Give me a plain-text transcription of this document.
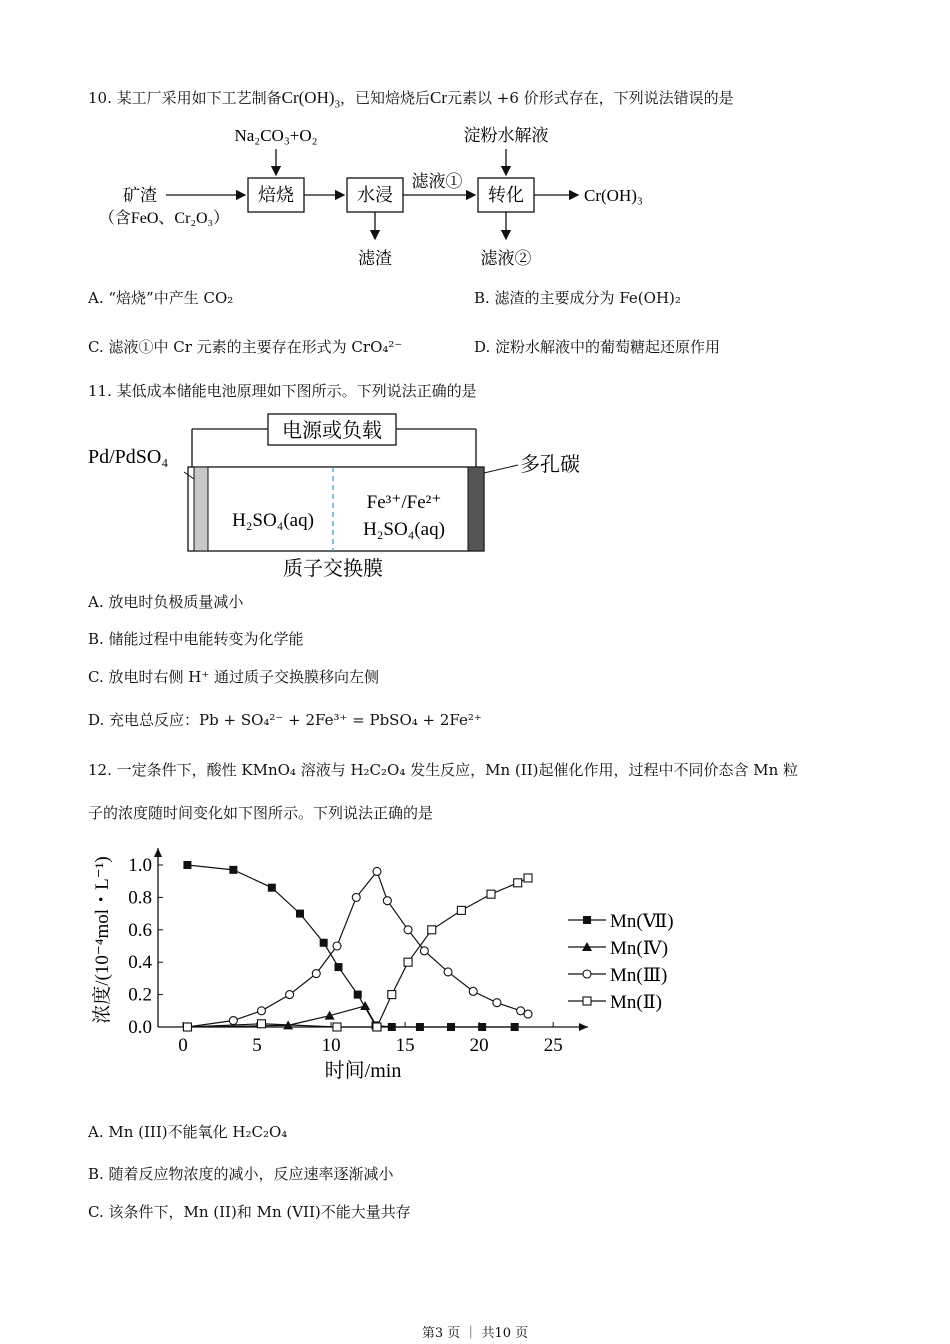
10. 某工厂采用如下工艺制备$Cr(OH)_3$，已知焙烧后Cr元素以 +6 价形式存在，下列说法错误的是
Na₂CO₃+O₂	淀粉水解液
矿渣
（含FeO、Cr₂O₃）
焙烧	水浸
滤液①
转化	Cr(OH)₃
滤渣	滤液②
A. “焙烧”中产生 CO₂	B. 滤渣的主要成分为 Fe(OH)₂
C. 滤液①中 Cr 元素的主要存在形式为 CrO₄²⁻	D. 淀粉水解液中的葡萄糖起还原作用
11. 某低成本储能电池原理如下图所示。下列说法正确的是
电源或负载
Pd/PdSO₄	多孔碳
H₂SO₄(aq)
Fe³⁺/Fe²⁺
H₂SO₄(aq)
质子交换膜
A. 放电时负极质量减小
B. 储能过程中电能转变为化学能
C. 放电时右侧 H⁺ 通过质子交换膜移向左侧
D. 充电总反应：Pb + SO₄²⁻ + 2Fe³⁺ = PbSO₄ + 2Fe²⁺
12. 一定条件下，酸性 KMnO₄ 溶液与 H₂C₂O₄ 发生反应，Mn (II)起催化作用，过程中不同价态含 Mn 粒
子的浓度随时间变化如下图所示。下列说法正确的是
0	5	10	15	20	25
0.0
0.2
0.4
0.6
0.8
1.0
时间/min
浓度/(10⁻⁴mol・L⁻¹)	Mn(Ⅶ)
Mn(Ⅳ)
Mn(Ⅲ)
Mn(Ⅱ)
A. Mn (III)不能氧化 H₂C₂O₄
B. 随着反应物浓度的减小，反应速率逐渐减小
C. 该条件下，Mn (II)和 Mn (VII)不能大量共存
第3 页 ｜ 共10 页
